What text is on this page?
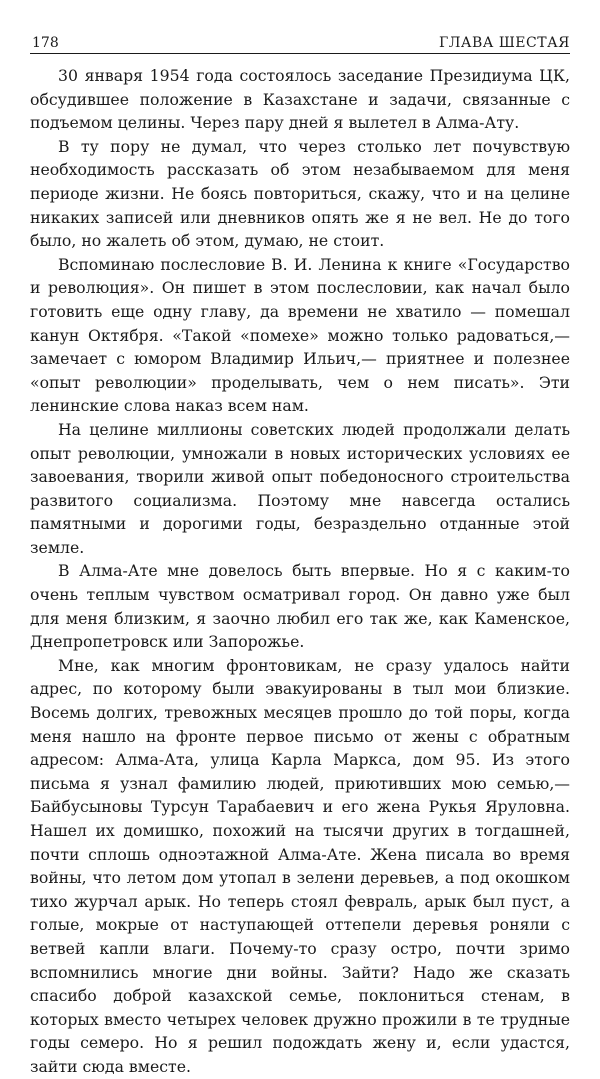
178	ГЛАВА ШЕСТАЯ

30 января 1954 года состоялось заседание Президиума ЦК, обсудившее положение в Казахстане и задачи, связанные с подъемом целины. Через пару дней я вылетел в Алма-Ату.

В ту пору не думал, что через столько лет почувствую необходимость рассказать об этом незабываемом для меня периоде жизни. Не боясь повториться, скажу, что и на целине никаких записей или дневников опять же я не вел. Не до того было, но жалеть об этом, думаю, не стоит.

Вспоминаю послесловие В. И. Ленина к книге «Государство и революция». Он пишет в этом послесловии, как начал было готовить еще одну главу, да времени не хватило — помешал канун Октября. «Такой «помехе» можно только радоваться,— замечает с юмором Владимир Ильич,— приятнее и полезнее «опыт революции» проделывать, чем о нем писать». Эти ленинские слова наказ всем нам.

На целине миллионы советских людей продолжали делать опыт революции, умножали в новых исторических условиях ее завоевания, творили живой опыт победоносного строительства развитого социализма. Поэтому мне навсегда остались памятными и дорогими годы, безраздельно отданные этой земле.

В Алма-Ате мне довелось быть впервые. Но я с каким-то очень теплым чувством осматривал город. Он давно уже был для меня близким, я заочно любил его так же, как Каменское, Днепропетровск или Запорожье.

Мне, как многим фронтовикам, не сразу удалось найти адрес, по которому были эвакуированы в тыл мои близкие. Восемь долгих, тревожных месяцев прошло до той поры, когда меня нашло на фронте первое письмо от жены с обратным адресом: Алма-Ата, улица Карла Маркса, дом 95. Из этого письма я узнал фамилию людей, приютивших мою семью,— Байбусыновы Турсун Тарабаевич и его жена Рукья Яруловна. Нашел их домишко, похожий на тысячи других в тогдашней, почти сплошь одноэтажной Алма-Ате. Жена писала во время войны, что летом дом утопал в зелени деревьев, а под окошком тихо журчал арык. Но теперь стоял февраль, арык был пуст, а голые, мокрые от наступающей оттепели деревья роняли с ветвей капли влаги. Почему-то сразу остро, почти зримо вспомнились многие дни войны. Зайти? Надо же сказать спасибо доброй казахской семье, поклониться стенам, в которых вместо четырех человек дружно прожили в те трудные годы семеро. Но я решил подождать жену и, если удастся, зайти сюда вместе.
